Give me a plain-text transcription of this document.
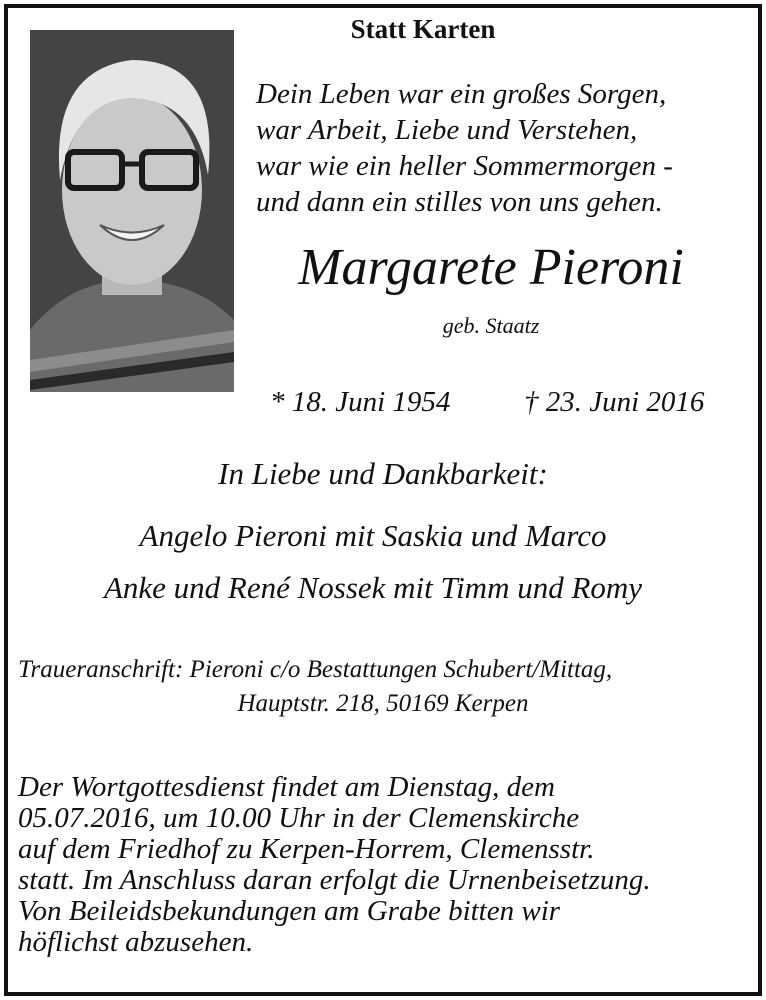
Statt Karten
Dein Leben war ein großes Sorgen,
war Arbeit, Liebe und Verstehen,
war wie ein heller Sommermorgen -
und dann ein stilles von uns gehen.
Margarete Pieroni
geb. Staatz
* 18. Juni 1954	† 23. Juni 2016
In Liebe und Dankbarkeit:
Angelo Pieroni mit Saskia und Marco
Anke und René Nossek mit Timm und Romy
Traueranschrift: Pieroni c/o Bestattungen Schubert/Mittag,
Hauptstr. 218, 50169 Kerpen
Der Wortgottesdienst findet am Dienstag, dem
05.07.2016, um 10.00 Uhr in der Clemenskirche
auf dem Friedhof zu Kerpen-Horrem, Clemensstr.
statt. Im Anschluss daran erfolgt die Urnenbeisetzung.
Von Beileidsbekundungen am Grabe bitten wir
höflichst abzusehen.
